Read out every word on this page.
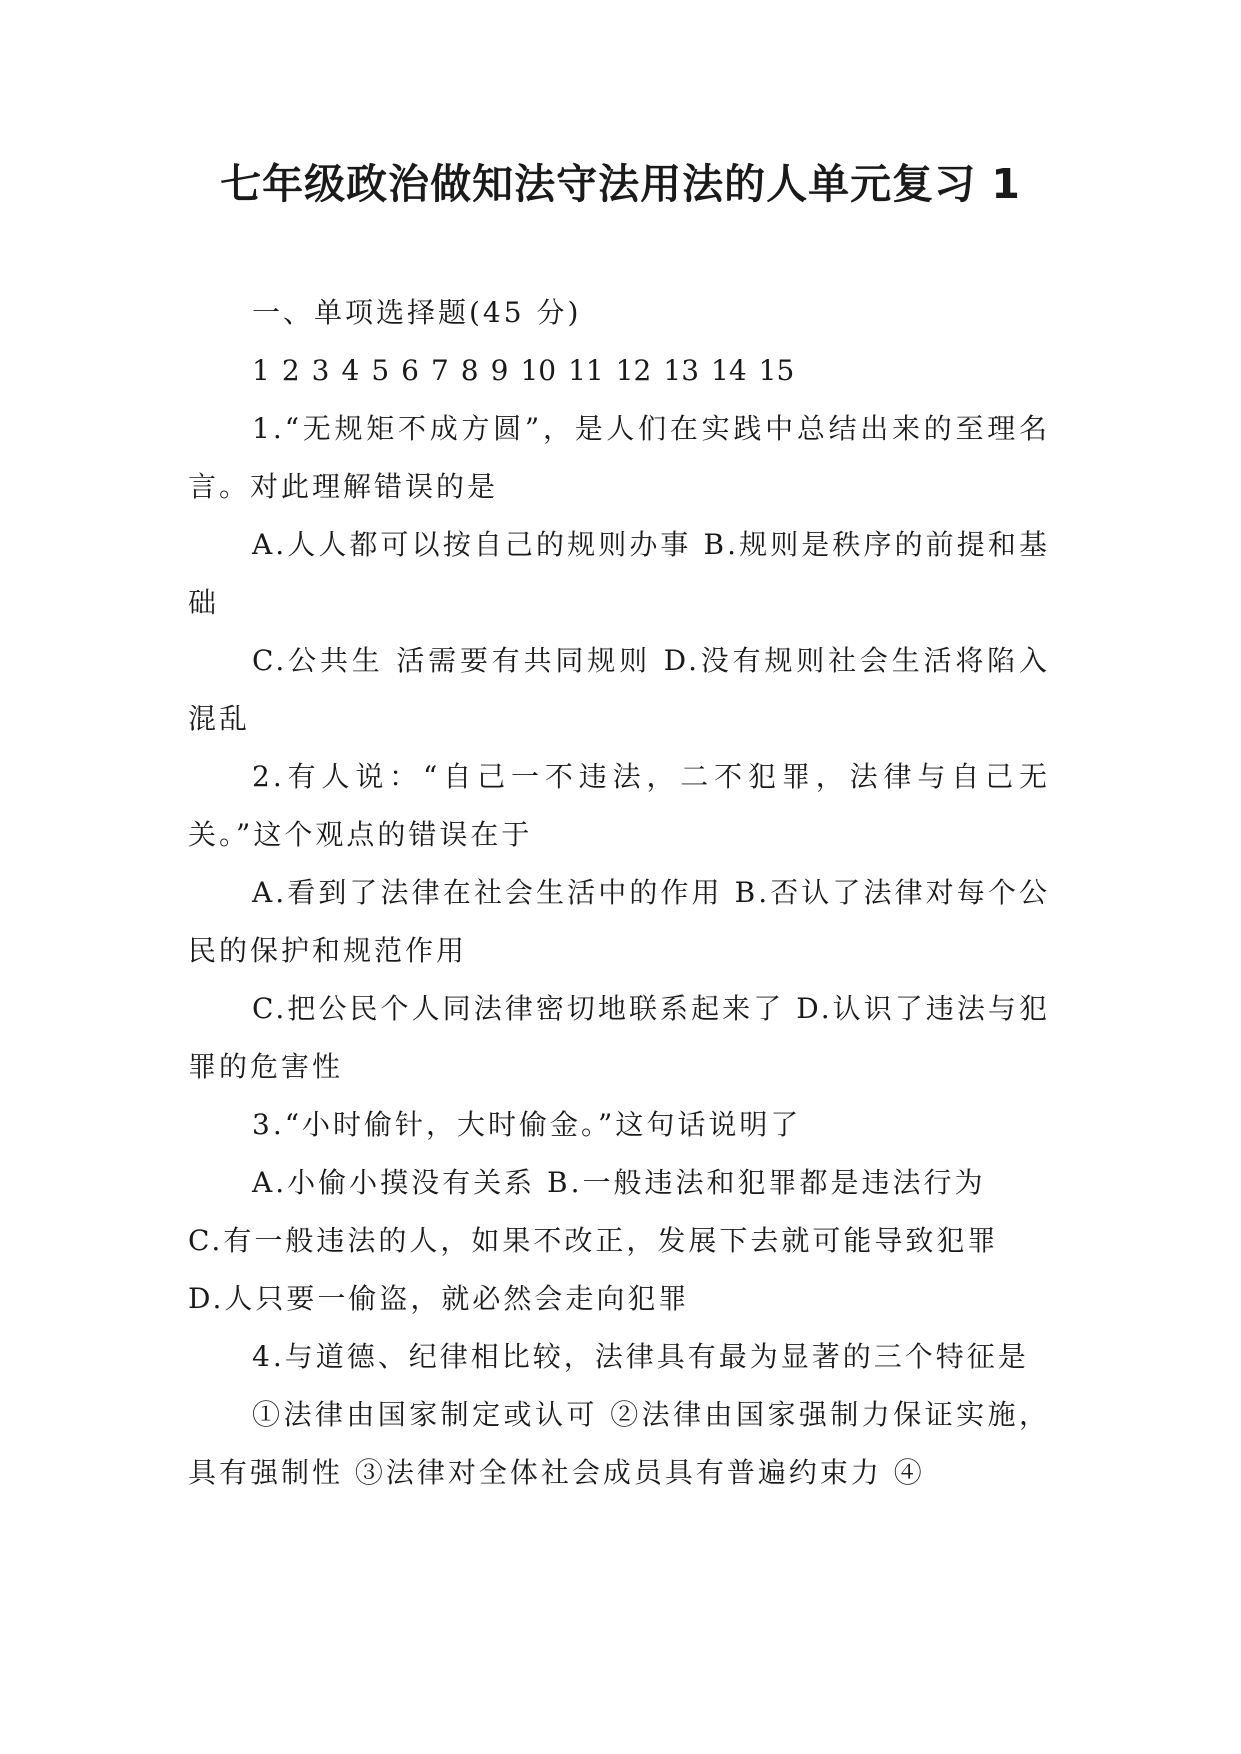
七年级政治做知法守法用法的人单元复习 1

一、单项选择题(45 分)

1 2 3 4 5 6 7 8 9 10 11 12 13 14 15

1.“无规矩不成方圆”，是人们在实践中总结出来的至理名言。对此理解错误的是

A.人人都可以按自己的规则办事 B.规则是秩序的前提和基础

C.公共生 活需要有共同规则 D.没有规则社会生活将陷入混乱

2.有人说：“自己一不违法，二不犯罪，法律与自己无关。”这个观点的错误在于

A.看到了法律在社会生活中的作用 B.否认了法律对每个公民的保护和规范作用

C.把公民个人同法律密切地联系起来了 D.认识了违法与犯罪的危害性

3.“小时偷针，大时偷金。”这句话说明了

A.小偷小摸没有关系 B.一般违法和犯罪都是违法行为

C.有一般违法的人，如果不改正，发展下去就可能导致犯罪

D.人只要一偷盗，就必然会走向犯罪

4.与道德、纪律相比较，法律具有最为显著的三个特征是

①法律由国家制定或认可 ②法律由国家强制力保证实施，具有强制性 ③法律对全体社会成员具有普遍约束力 ④
